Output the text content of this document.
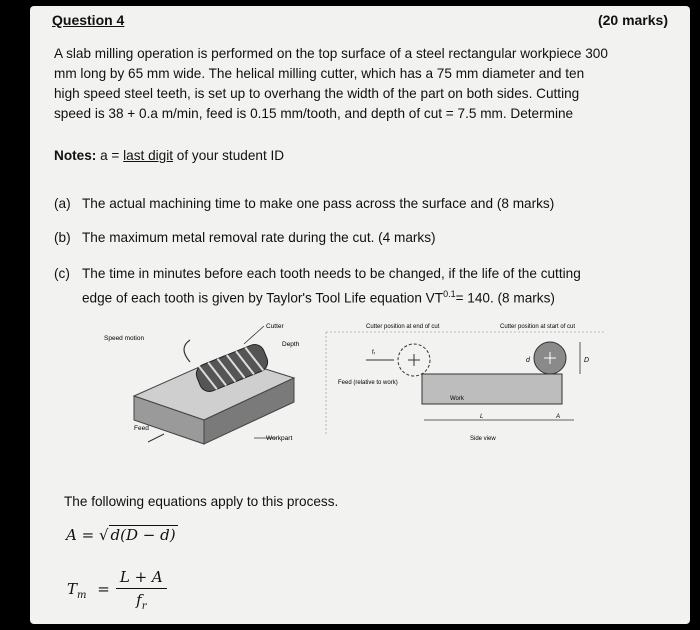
Question 4	(20 marks)

A slab milling operation is performed on the top surface of a steel rectangular workpiece 300

mm long by 65 mm wide. The helical milling cutter, which has a 75 mm diameter and ten

high speed steel teeth, is set up to overhang the width of the part on both sides. Cutting

speed is 38 + 0.a m/min, feed is 0.15 mm/tooth, and depth of cut = 7.5 mm. Determine

Notes: a = last digit of your student ID
(a) The actual machining time to make one pass across the surface and (8 marks)
(b) The maximum metal removal rate during the cut. (4 marks)
(c) The time in minutes before each tooth needs to be changed, if the life of the cutting
edge of each tooth is given by Taylor's Tool Life equation $VT^{0.1}= 140$. (8 marks)
Speed motion
Cutter
Depth
Feed
Workpart
Cutter position at end of cut	Cutter position at start of cut
Work
fᵣ
Feed (relative to work)
d	D
L	A
Side view
The following equations apply to this process.
A = √ d(D − d)
$T_m$ =	L + A
$f_r$
